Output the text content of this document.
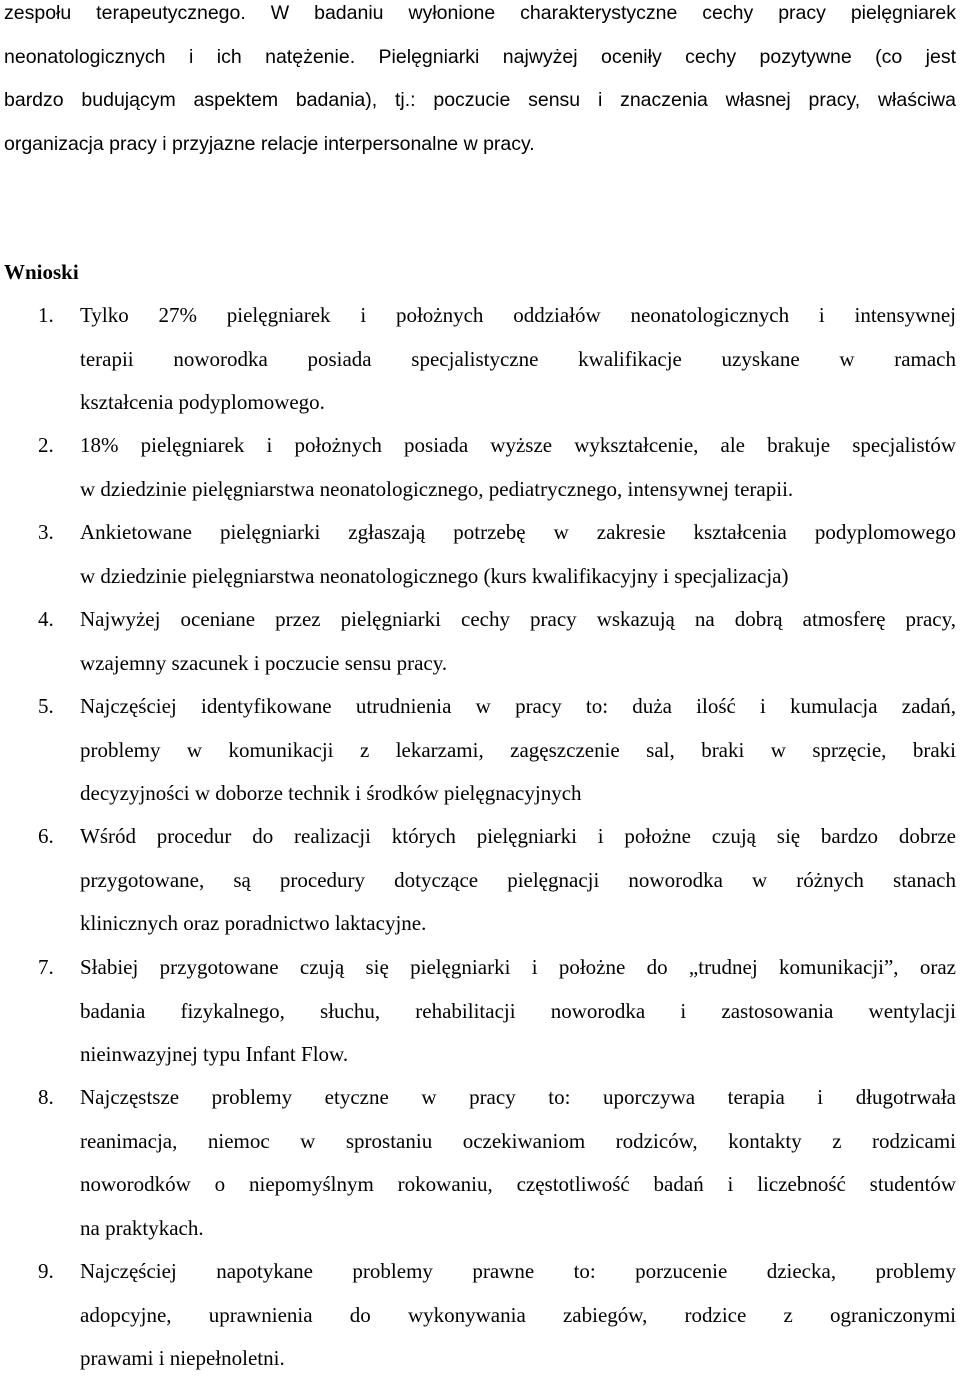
zespołu terapeutycznego. W badaniu wyłonione charakterystyczne cechy pracy pielęgniarek
neonatologicznych i ich natężenie. Pielęgniarki najwyżej oceniły cechy pozytywne (co jest
bardzo budującym aspektem badania), tj.: poczucie sensu i znaczenia własnej pracy, właściwa
organizacja pracy i przyjazne relacje interpersonalne w pracy.
Wnioski
1.	Tylko 27% pielęgniarek i położnych oddziałów neonatologicznych i intensywnej
terapii noworodka posiada specjalistyczne kwalifikacje uzyskane w ramach
kształcenia podyplomowego.
2.	18% pielęgniarek i położnych posiada wyższe wykształcenie, ale brakuje specjalistów
w dziedzinie pielęgniarstwa neonatologicznego, pediatrycznego, intensywnej terapii.
3.	Ankietowane pielęgniarki zgłaszają potrzebę w zakresie kształcenia podyplomowego
w dziedzinie pielęgniarstwa neonatologicznego (kurs kwalifikacyjny i specjalizacja)
4.	Najwyżej oceniane przez pielęgniarki cechy pracy wskazują na dobrą atmosferę pracy,
wzajemny szacunek i poczucie sensu pracy.
5.	Najczęściej identyfikowane utrudnienia w pracy to: duża ilość i kumulacja zadań,
problemy w komunikacji z lekarzami, zagęszczenie sal, braki w sprzęcie, braki
decyzyjności w doborze technik i środków pielęgnacyjnych
6.	Wśród procedur do realizacji których pielęgniarki i położne czują się bardzo dobrze
przygotowane, są procedury dotyczące pielęgnacji noworodka w różnych stanach
klinicznych oraz poradnictwo laktacyjne.
7.	Słabiej przygotowane czują się pielęgniarki i położne do „trudnej komunikacji”, oraz
badania fizykalnego, słuchu, rehabilitacji noworodka i zastosowania wentylacji
nieinwazyjnej typu Infant Flow.
8.	Najczęstsze problemy etyczne w pracy to: uporczywa terapia i długotrwała
reanimacja, niemoc w sprostaniu oczekiwaniom rodziców, kontakty z rodzicami
noworodków o niepomyślnym rokowaniu, częstotliwość badań i liczebność studentów
na praktykach.
9.	Najczęściej napotykane problemy prawne to: porzucenie dziecka, problemy
adopcyjne, uprawnienia do wykonywania zabiegów, rodzice z ograniczonymi
prawami i niepełnoletni.
